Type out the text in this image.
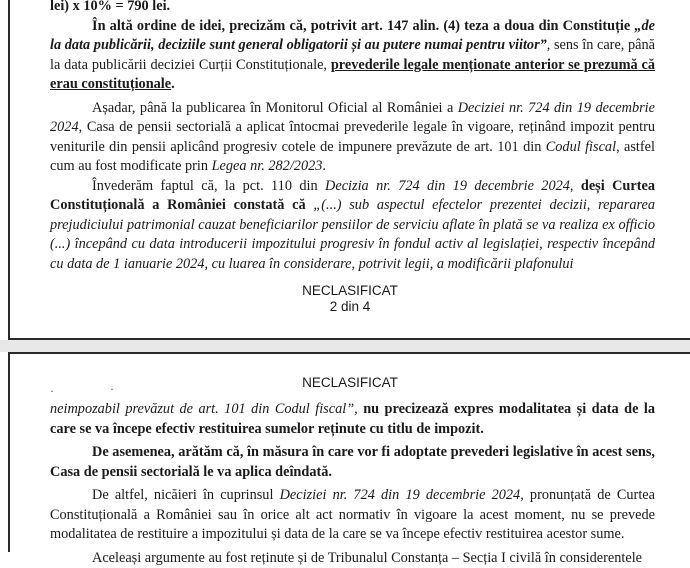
lei) x 10% = 790 lei.

În altă ordine de idei, precizăm că, potrivit art. 147 alin. (4) teza a doua din Constituție „de la data publicării, deciziile sunt general obligatorii și au putere numai pentru viitor”, sens în care, până la data publicării deciziei Curții Constituționale, prevederile legale menționate anterior se prezumă că erau constituționale.

Așadar, până la publicarea în Monitorul Oficial al României a Deciziei nr. 724 din 19 decembrie 2024, Casa de pensii sectorială a aplicat întocmai prevederile legale în vigoare, reținând impozit pentru veniturile din pensii aplicând progresiv cotele de impunere prevăzute de art. 101 din Codul fiscal, astfel cum au fost modificate prin Legea nr. 282/2023.

Învederăm faptul că, la pct. 110 din Decizia nr. 724 din 19 decembrie 2024, deși Curtea Constituțională a României constată că „(...) sub aspectul efectelor prezentei decizii, repararea prejudiciului patrimonial cauzat beneficiarilor pensiilor de serviciu aflate în plată se va realiza ex officio (...) începând cu data introducerii impozitului progresiv în fondul activ al legislației, respectiv începând cu data de 1 ianuarie 2024, cu luarea în considerare, potrivit legii, a modificării plafonului

NECLASIFICAT
2 din 4
NECLASIFICAT
·	·

neimpozabil prevăzut de art. 101 din Codul fiscal”, nu precizează expres modalitatea și data de la care se va începe efectiv restituirea sumelor reținute cu titlu de impozit.

De asemenea, arătăm că, în măsura în care vor fi adoptate prevederi legislative în acest sens, Casa de pensii sectorială le va aplica deîndată.

De altfel, nicăieri în cuprinsul Deciziei nr. 724 din 19 decembrie 2024, pronunțată de Curtea Constituțională a României sau în orice alt act normativ în vigoare la acest moment, nu se prevede modalitatea de restituire a impozitului și data de la care se va începe efectiv restituirea acestor sume.

Aceleași argumente au fost reținute și de Tribunalul Constanța – Secția I civilă în considerentele
